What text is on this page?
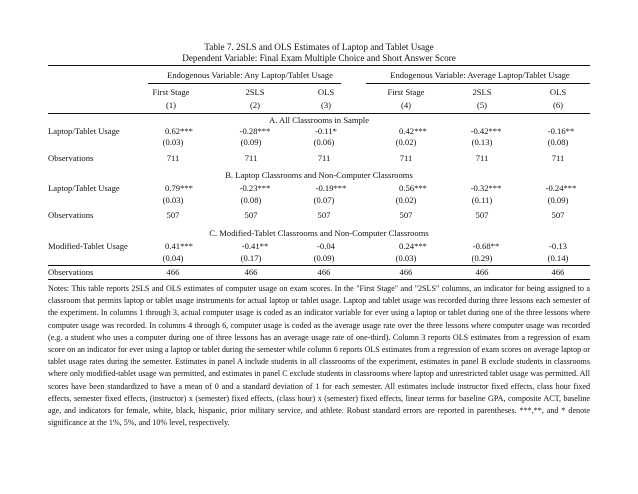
Table 7. 2SLS and OLS Estimates of Laptop and Tablet Usage
Dependent Variable: Final Exam Multiple Choice and Short Answer Score
Endogenous Variable: Any Laptop/Tablet Usage	Endogenous Variable: Average Laptop/Tablet Usage
First Stage	2SLS	OLS	First Stage	2SLS	OLS
(1)	(2)	(3)	(4)	(5)	(6)
A. All Classrooms in Sample
Laptop/Tablet Usage	0.62***	-0.28***	-0.11*	0.42***	-0.42***	-0.16**
(0.03)	(0.09)	(0.06)	(0.02)	(0.13)	(0.08)
Observations	711	711	711	711	711	711
B. Laptop Classrooms and Non-Computer Classrooms
Laptop/Tablet Usage	0.79***	-0.23***	-0.19***	0.56***	-0.32***	-0.24***
(0.03)	(0.08)	(0.07)	(0.02)	(0.11)	(0.09)
Observations	507	507	507	507	507	507
C. Modified-Tablet Classrooms and Non-Computer Classrooms
Modified-Tablet Usage	0.41***	-0.41**	-0.04	0.24***	-0.68**	-0.13
(0.04)	(0.17)	(0.09)	(0.03)	(0.29)	(0.14)
Observations	466	466	466	466	466	466
Notes: This table reports 2SLS and OLS estimates of computer usage on exam scores. In the "First Stage" and "2SLS" columns, an indicator for being assigned to a classroom that permits laptop or tablet usage instruments for actual laptop or tablet usage. Laptop and tablet usage was recorded during three lessons each semester of the experiment. In columns 1 through 3, actual computer usage is coded as an indicator variable for ever using a laptop or tablet during one of the three lessons where computer usage was recorded. In columns 4 through 6, computer usage is coded as the average usage rate over the three lessons where computer usage was recorded (e.g. a student who uses a computer during one of three lessons has an average usage rate of one-third). Column 3 reports OLS estimates from a regression of exam score on an indicator for ever using a laptop or tablet during the semester while column 6 reports OLS estimates from a regression of exam scores on average laptop or tablet usage rates during the semester. Estimates in panel A include students in all classrooms of the experiment, estimates in panel B exclude students in classrooms where only modified-tablet usage was permitted, and estimates in panel C exclude students in classrooms where laptop and unrestricted tablet usage was permitted. All scores have been standardized to have a mean of 0 and a standard deviation of 1 for each semester. All estimates include instructor fixed effects, class hour fixed effects, semester fixed effects, (instructor) x (semester) fixed effects, (class hour) x (semester) fixed effects, linear terms for baseline GPA, composite ACT, baseline age, and indicators for female, white, black, hispanic, prior military service, and athlete. Robust standard errors are reported in parentheses. ***,**, and * denote significance at the 1%, 5%, and 10% level, respectively.
